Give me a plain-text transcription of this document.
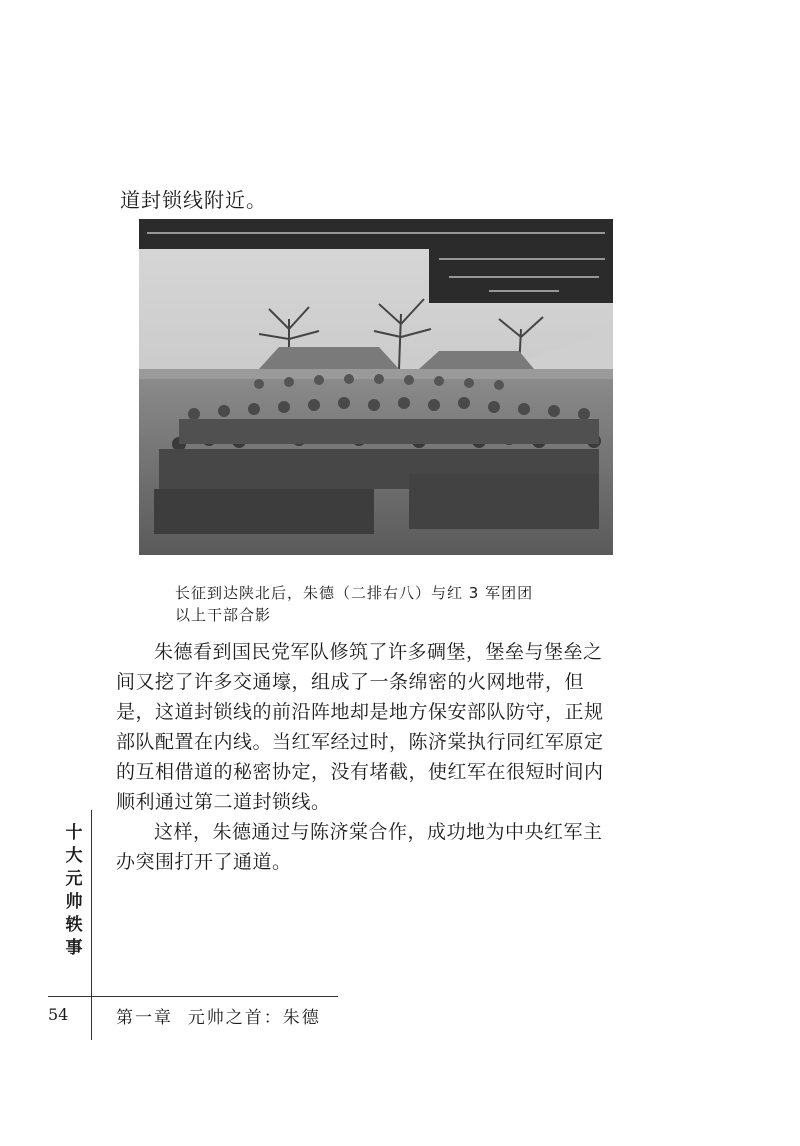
道封锁线附近。
长征到达陕北后，朱德（二排右八）与红 3 军团团
以上干部合影

朱德看到国民党军队修筑了许多碉堡，堡垒与堡垒之
间又挖了许多交通壕，组成了一条绵密的火网地带，但
是，这道封锁线的前沿阵地却是地方保安部队防守，正规
部队配置在内线。当红军经过时，陈济棠执行同红军原定
的互相借道的秘密协定，没有堵截，使红军在很短时间内
顺利通过第二道封锁线。

这样，朱德通过与陈济棠合作，成功地为中央红军主
办突围打开了通道。

十
大
元
帅
轶
事
54	第一章  元帅之首：朱德
